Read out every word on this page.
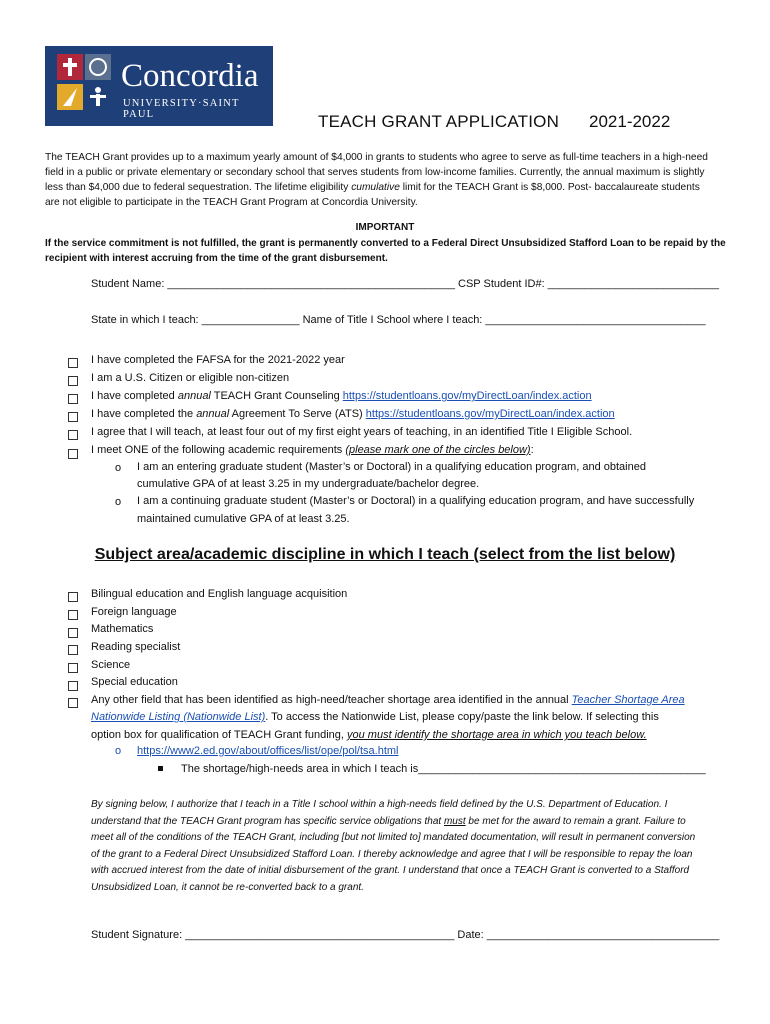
Concordia
UNIVERSITY·SAINT PAUL	TEACH GRANT APPLICATION 2021-2022
The TEACH Grant provides up to a maximum yearly amount of $4,000 in grants to students who agree to serve as full-time teachers in a high-need
field in a public or private elementary or secondary school that serves students from low-income families. Currently, the annual maximum is slightly
less than $4,000 due to federal sequestration. The lifetime eligibility cumulative limit for the TEACH Grant is $8,000. Post- baccalaureate students
are not eligible to participate in the TEACH Grant Program at Concordia University.
IMPORTANT
If the service commitment is not fulfilled, the grant is permanently converted to a Federal Direct Unsubsidized Stafford Loan to be repaid by the
recipient with interest accruing from the time of the grant disbursement.
Student Name: _______________________________________________ CSP Student ID#: ____________________________
State in which I teach: ________________ Name of Title I School where I teach: ____________________________________
I have completed the FAFSA for the 2021-2022 year
I am a U.S. Citizen or eligible non-citizen
I have completed annual TEACH Grant Counseling https://studentloans.gov/myDirectLoan/index.action
I have completed the annual Agreement To Serve (ATS) https://studentloans.gov/myDirectLoan/index.action
I agree that I will teach, at least four out of my first eight years of teaching, in an identified Title I Eligible School.
I meet ONE of the following academic requirements (please mark one of the circles below):
o I am an entering graduate student (Master’s or Doctoral) in a qualifying education program, and obtained
cumulative GPA of at least 3.25 in my undergraduate/bachelor degree.
o I am a continuing graduate student (Master’s or Doctoral) in a qualifying education program, and have successfully
maintained cumulative GPA of at least 3.25.
Subject area/academic discipline in which I teach (select from the list below)
Bilingual education and English language acquisition
Foreign language
Mathematics
Reading specialist
Science
Special education
Any other field that has been identified as high-need/teacher shortage area identified in the annual Teacher Shortage Area
Nationwide Listing (Nationwide List). To access the Nationwide List, please copy/paste the link below. If selecting this
option box for qualification of TEACH Grant funding, you must identify the shortage area in which you teach below.
o https://www2.ed.gov/about/offices/list/ope/pol/tsa.html
The shortage/high-needs area in which I teach is_______________________________________________
By signing below, I authorize that I teach in a Title I school within a high-needs field defined by the U.S. Department of Education. I
understand that the TEACH Grant program has specific service obligations that must be met for the award to remain a grant. Failure to
meet all of the conditions of the TEACH Grant, including [but not limited to] mandated documentation, will result in permanent conversion
of the grant to a Federal Direct Unsubsidized Stafford Loan. I thereby acknowledge and agree that I will be responsible to repay the loan
with accrued interest from the date of initial disbursement of the grant. I understand that once a TEACH Grant is converted to a Stafford
Unsubsidized Loan, it cannot be re-converted back to a grant.
Student Signature: ____________________________________________ Date: ______________________________________
